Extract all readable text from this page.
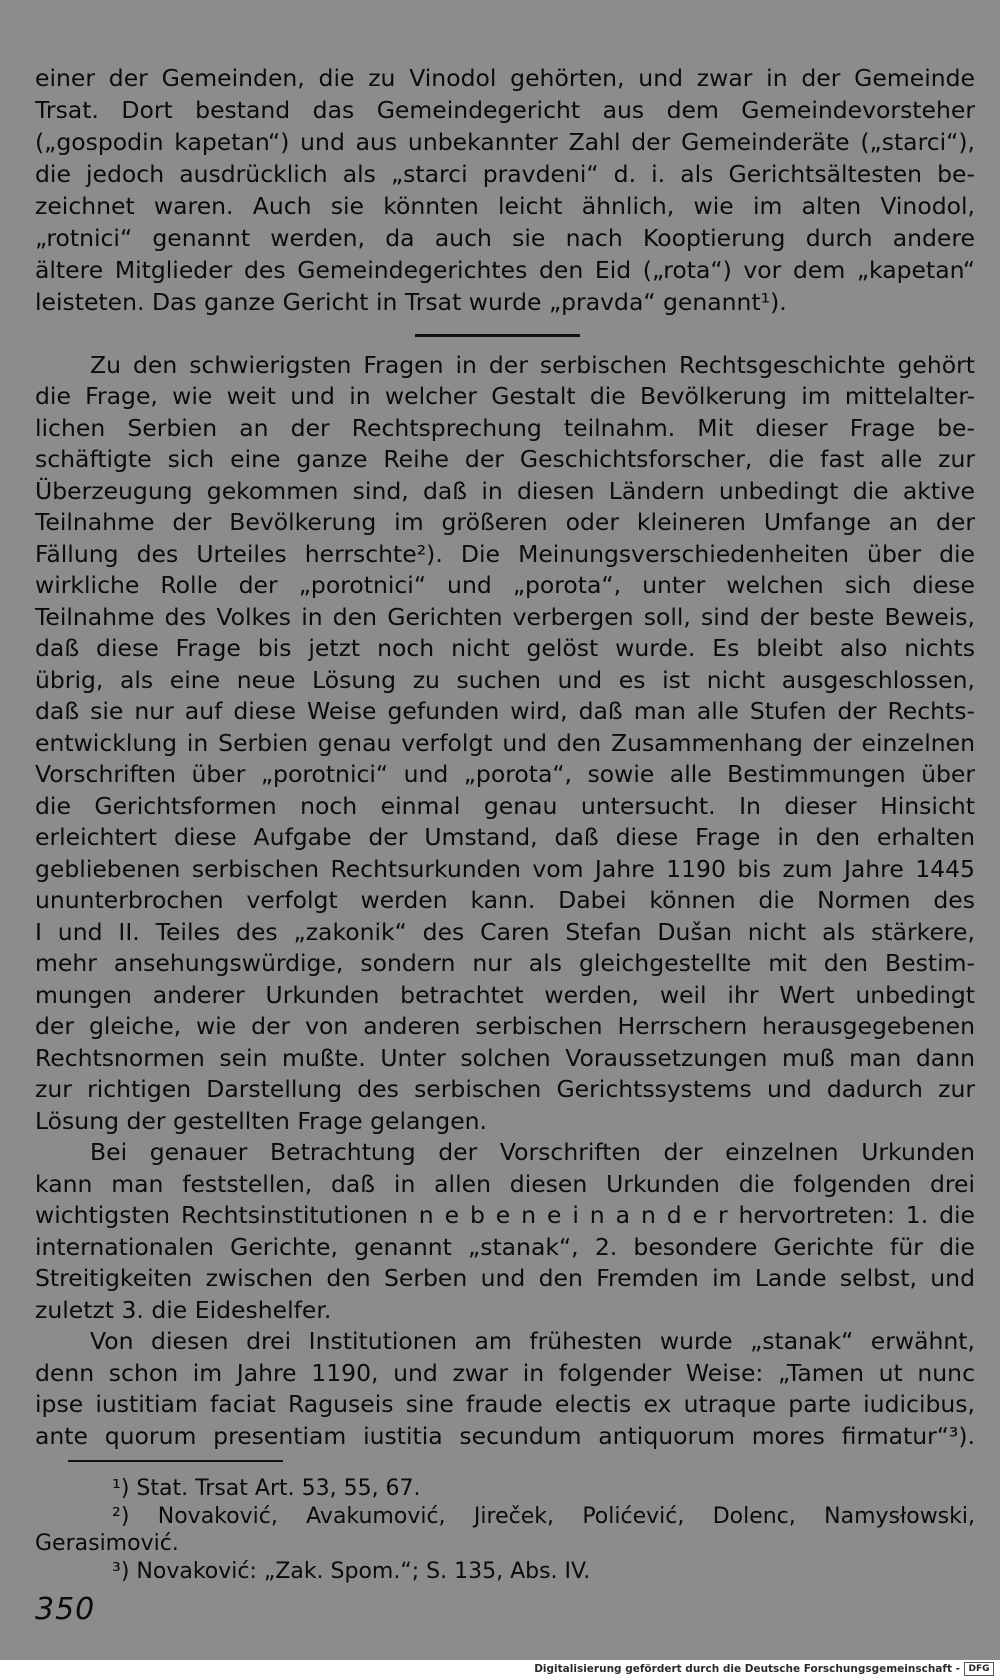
einer der Gemeinden, die zu Vinodol gehörten, und zwar in der Gemeinde
Trsat. Dort bestand das Gemeindegericht aus dem Gemeindevorsteher
(„gospodin kapetan“) und aus unbekannter Zahl der Gemeinderäte („starci“),
die jedoch ausdrücklich als „starci pravdeni“ d. i. als Gerichtsältesten be-
zeichnet waren. Auch sie könnten leicht ähnlich, wie im alten Vinodol,
„rotnici“ genannt werden, da auch sie nach Kooptierung durch andere
ältere Mitglieder des Gemeindegerichtes den Eid („rota“) vor dem „kapetan“
leisteten. Das ganze Gericht in Trsat wurde „pravda“ genannt¹).
Zu den schwierigsten Fragen in der serbischen Rechtsgeschichte gehört
die Frage, wie weit und in welcher Gestalt die Bevölkerung im mittelalter-
lichen Serbien an der Rechtsprechung teilnahm. Mit dieser Frage be-
schäftigte sich eine ganze Reihe der Geschichtsforscher, die fast alle zur
Überzeugung gekommen sind, daß in diesen Ländern unbedingt die aktive
Teilnahme der Bevölkerung im größeren oder kleineren Umfange an der
Fällung des Urteiles herrschte²). Die Meinungsverschiedenheiten über die
wirkliche Rolle der „porotnici“ und „porota“, unter welchen sich diese
Teilnahme des Volkes in den Gerichten verbergen soll, sind der beste Beweis,
daß diese Frage bis jetzt noch nicht gelöst wurde. Es bleibt also nichts
übrig, als eine neue Lösung zu suchen und es ist nicht ausgeschlossen,
daß sie nur auf diese Weise gefunden wird, daß man alle Stufen der Rechts-
entwicklung in Serbien genau verfolgt und den Zusammenhang der einzelnen
Vorschriften über „porotnici“ und „porota“, sowie alle Bestimmungen über
die Gerichtsformen noch einmal genau untersucht. In dieser Hinsicht
erleichtert diese Aufgabe der Umstand, daß diese Frage in den erhalten
gebliebenen serbischen Rechtsurkunden vom Jahre 1190 bis zum Jahre 1445
ununterbrochen verfolgt werden kann. Dabei können die Normen des
I und II. Teiles des „zakonik“ des Caren Stefan Dušan nicht als stärkere,
mehr ansehungswürdige, sondern nur als gleichgestellte mit den Bestim-
mungen anderer Urkunden betrachtet werden, weil ihr Wert unbedingt
der gleiche, wie der von anderen serbischen Herrschern herausgegebenen
Rechtsnormen sein mußte. Unter solchen Voraussetzungen muß man dann
zur richtigen Darstellung des serbischen Gerichtssystems und dadurch zur
Lösung der gestellten Frage gelangen.
Bei genauer Betrachtung der Vorschriften der einzelnen Urkunden
kann man feststellen, daß in allen diesen Urkunden die folgenden drei
wichtigsten Rechtsinstitutionen n e b e n e i n a n d e r hervortreten: 1. die
internationalen Gerichte, genannt „stanak“, 2. besondere Gerichte für die
Streitigkeiten zwischen den Serben und den Fremden im Lande selbst, und
zuletzt 3. die Eideshelfer.
Von diesen drei Institutionen am frühesten wurde „stanak“ erwähnt,
denn schon im Jahre 1190, und zwar in folgender Weise: „Tamen ut nunc
ipse iustitiam faciat Raguseis sine fraude electis ex utraque parte iudicibus,
ante quorum presentiam iustitia secundum antiquorum mores firmatur“³).
¹) Stat. Trsat Art. 53, 55, 67.
²) Novaković, Avakumović, Jireček, Polićević, Dolenc, Namysłowski,
Gerasimović.
³) Novaković: „Zak. Spom.“; S. 135, Abs. IV.
350
Digitalisierung gefördert durch die Deutsche Forschungsgemeinschaft - DFG
